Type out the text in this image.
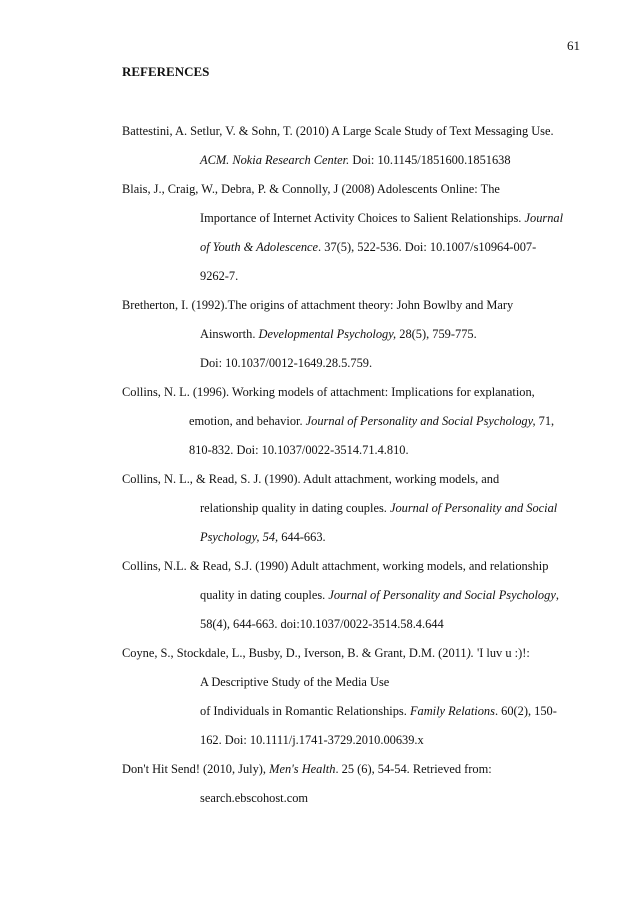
61
REFERENCES
Battestini, A. Setlur, V. & Sohn, T. (2010) A Large Scale Study of Text Messaging Use.
ACM. Nokia Research Center. Doi: 10.1145/1851600.1851638
Blais, J., Craig, W., Debra, P. & Connolly, J (2008) Adolescents Online: The
Importance of Internet Activity Choices to Salient Relationships. Journal
of Youth & Adolescence. 37(5), 522-536. Doi: 10.1007/s10964-007-
9262-7.
Bretherton, I. (1992).The origins of attachment theory: John Bowlby and Mary
Ainsworth. Developmental Psychology, 28(5), 759-775.
Doi: 10.1037/0012-1649.28.5.759.
Collins, N. L. (1996). Working models of attachment: Implications for explanation,
emotion, and behavior. Journal of Personality and Social Psychology, 71,
810-832. Doi: 10.1037/0022-3514.71.4.810.
Collins, N. L., & Read, S. J. (1990). Adult attachment, working models, and
relationship quality in dating couples. Journal of Personality and Social
Psychology, 54, 644-663.
Collins, N.L. & Read, S.J. (1990) Adult attachment, working models, and relationship
quality in dating couples. Journal of Personality and Social Psychology,
58(4), 644-663. doi:10.1037/0022-3514.58.4.644
Coyne, S., Stockdale, L., Busby, D., Iverson, B. & Grant, D.M. (2011). 'I luv u :)!:
A Descriptive Study of the Media Use
of Individuals in Romantic Relationships. Family Relations. 60(2), 150-
162. Doi: 10.1111/j.1741-3729.2010.00639.x
Don't Hit Send! (2010, July), Men's Health. 25 (6), 54-54. Retrieved from:
search.ebscohost.com
